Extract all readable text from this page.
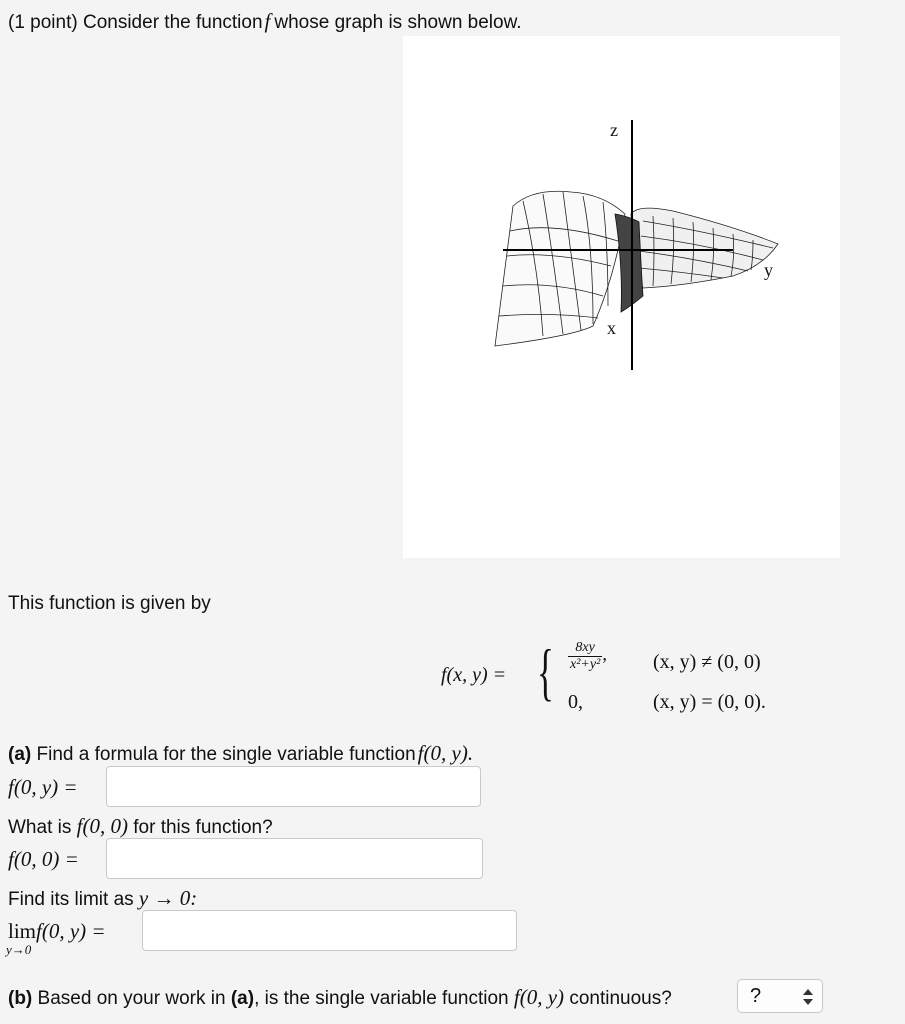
(1 point) Consider the functionf whose graph is shown below.
z
x
y
This function is given by
f(x, y) = { $\frac{8xy}{\text{x²+y²}}$ , (x, y) ≠ (0, 0)
0,	(x, y) = (0, 0).
(a) Find a formula for the single variable functionf(0, y).
f(0, y) =
What is f(0, 0) for this function?
f(0, 0) =
Find its limit as y → 0:
limf(0, y) =
y→0
(b) Based on your work in (a), is the single variable function f(0, y) continuous?	?
